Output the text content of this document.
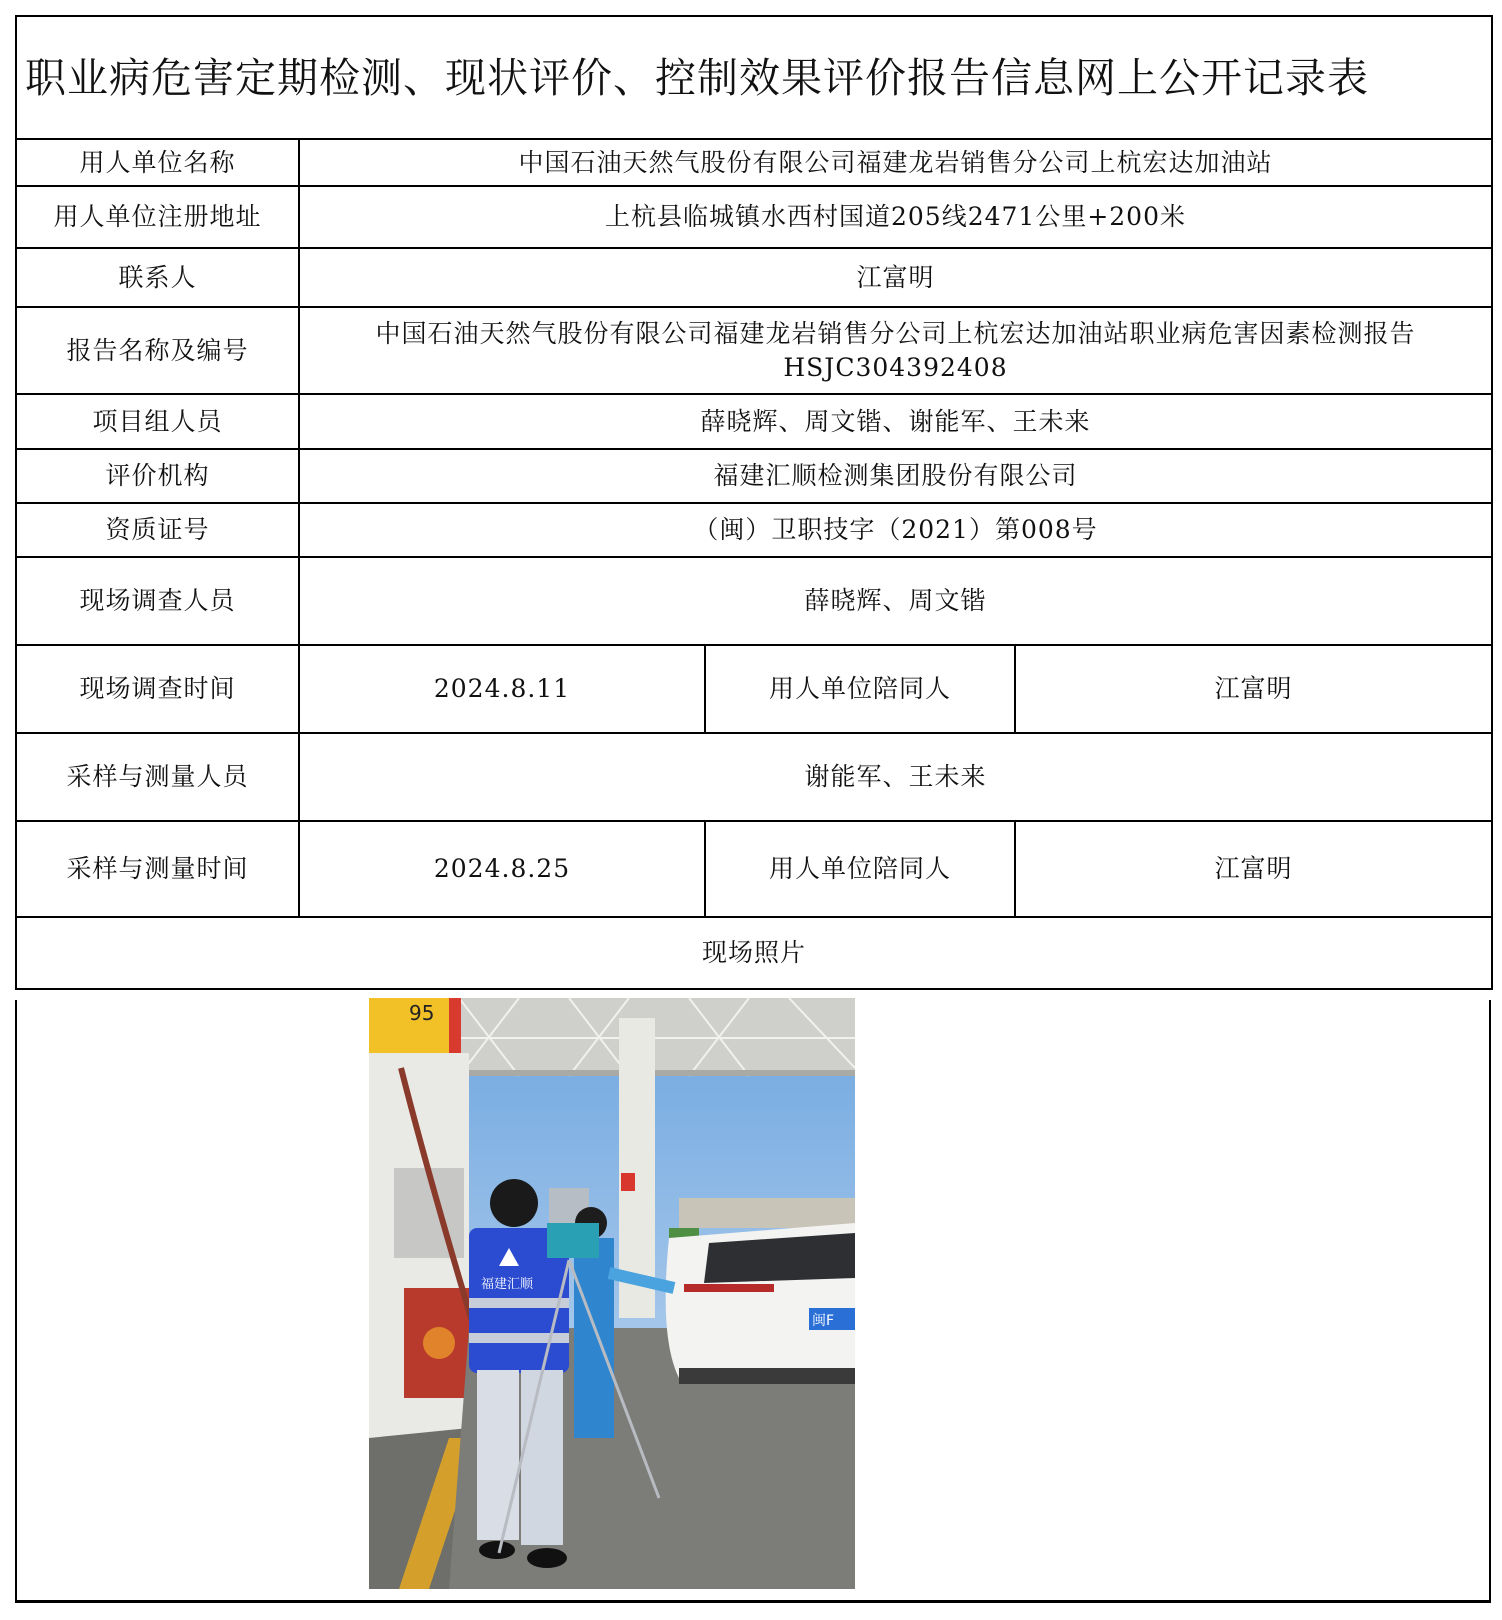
职业病危害定期检测、现状评价、控制效果评价报告信息网上公开记录表			
用人单位名称	中国石油天然气股份有限公司福建龙岩销售分公司上杭宏达加油站		
用人单位注册地址	上杭县临城镇水西村国道205线2471公里+200米		
联系人	江富明		
报告名称及编号	中国石油天然气股份有限公司福建龙岩销售分公司上杭宏达加油站职业病危害因素检测报告
HSJC304392408		

项目组人员	薛晓辉、周文锴、谢能军、王未来		
评价机构	福建汇顺检测集团股份有限公司		
资质证号	（闽）卫职技字（2021）第008号		
现场调查人员	薛晓辉、周文锴		
现场调查时间	2024.8.11	用人单位陪同人	江富明
采样与测量人员	谢能军、王未来		
采样与测量时间	2024.8.25	用人单位陪同人	江富明
现场照片			
95
闽F
福建汇顺
